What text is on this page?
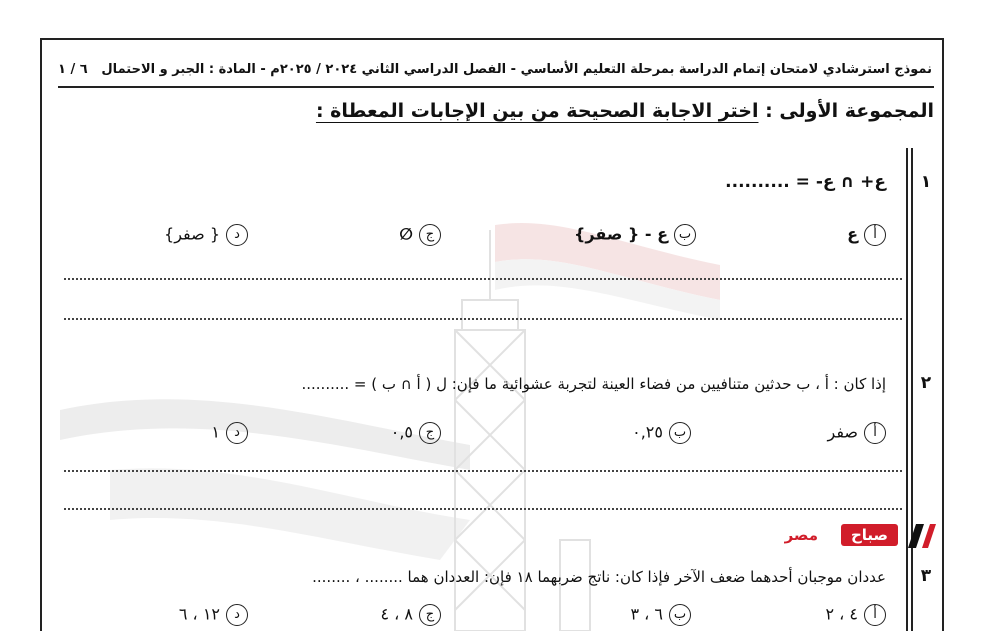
نموذج استرشادي لامتحان إتمام الدراسة بمرحلة التعليم الأساسي - الفصل الدراسي الثاني ٢٠٢٤ / ٢٠٢٥م - المادة : الجبر و الاحتمال
٦ / ١
المجموعة الأولى : اختر الاجابة الصحيحة من بين الإجابات المعطاة :
١
ع+ ∩ ع- = ..........
أع
بع - { صفر}
ج∅
د{ صفر}
٢
إذا كان : أ ، ب حدثين متنافيين من فضاء العينة لتجربة عشوائية ما فإن: ل ( أ ∩ ب ) = ..........
أصفر
ب٠,٢٥
ج٠,٥
د١
صباح
مصر
٣
عددان موجبان أحدهما ضعف الآخر فإذا كان: ناتج ضربهما ١٨ فإن: العددان هما ........ ، ........
أ٤ ، ٢
ب٦ ، ٣
ج٨ ، ٤
د١٢ ، ٦
